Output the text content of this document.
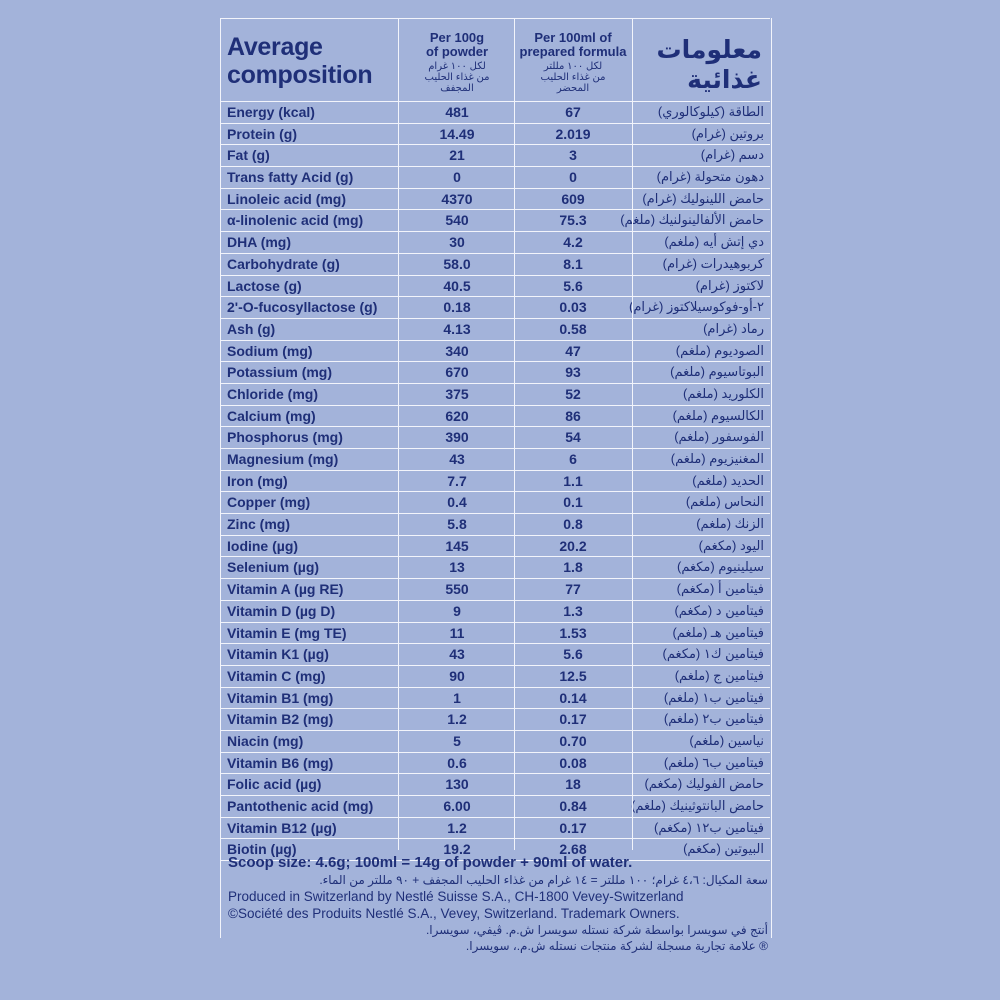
Average
composition
Per 100g
of powder
لكل ١٠٠ غرام
من غذاء الحليب
المجفف
Per 100ml of
prepared formula
لكل ١٠٠ مللتر
من غذاء الحليب
المحضر
معلومات
غذائية
Energy (kcal)	481	67	الطاقة (كيلوكالوري)
Protein (g)	14.49	2.019	بروتين (غرام)
Fat (g)	21	3	دسم (غرام)
Trans fatty Acid (g)	0	0	دهون متحولة (غرام)
Linoleic acid (mg)	4370	609	حامض اللينوليك (غرام)
α-linolenic acid (mg)	540	75.3	حامض الألفالينولنيك (ملغم)
DHA (mg)	30	4.2	دي إتش أيه (ملغم)
Carbohydrate (g)	58.0	8.1	كربوهيدرات (غرام)
Lactose (g)	40.5	5.6	لاكتوز (غرام)
2'-O-fucosyllactose (g)	0.18	0.03	٢-أو-فوكوسيلاكتوز (غرام)
Ash (g)	4.13	0.58	رماد (غرام)
Sodium (mg)	340	47	الصوديوم (ملغم)
Potassium (mg)	670	93	البوتاسيوم (ملغم)
Chloride (mg)	375	52	الكلوريد (ملغم)
Calcium (mg)	620	86	الكالسيوم (ملغم)
Phosphorus (mg)	390	54	الفوسفور (ملغم)
Magnesium (mg)	43	6	المغنيزيوم (ملغم)
Iron (mg)	7.7	1.1	الحديد (ملغم)
Copper (mg)	0.4	0.1	النحاس (ملغم)
Zinc (mg)	5.8	0.8	الزنك (ملغم)
Iodine (µg)	145	20.2	اليود (مكغم)
Selenium (µg)	13	1.8	سيلينيوم (مكغم)
Vitamin A (µg RE)	550	77	فيتامين أ (مكغم)
Vitamin D (µg D)	9	1.3	فيتامين د (مكغم)
Vitamin E (mg TE)	11	1.53	فيتامين هـ (ملغم)
Vitamin K1 (µg)	43	5.6	فيتامين ك١ (مكغم)
Vitamin C (mg)	90	12.5	فيتامين ج (ملغم)
Vitamin B1 (mg)	1	0.14	فيتامين ب١ (ملغم)
Vitamin B2 (mg)	1.2	0.17	فيتامين ب٢ (ملغم)
Niacin (mg)	5	0.70	نياسين (ملغم)
Vitamin B6 (mg)	0.6	0.08	فيتامين ب٦ (ملغم)
Folic acid (µg)	130	18	حامض الفوليك (مكغم)
Pantothenic acid (mg)	6.00	0.84	حامض البانتوثينيك (ملغم)
Vitamin B12 (µg)	1.2	0.17	فيتامين ب١٢ (مكغم)
Biotin (µg)	19.2	2.68	البيوتين (مكغم)
Scoop size: 4.6g; 100ml = 14g of powder + 90ml of water.
سعة المكيال: ٤،٦ غرام؛ ١٠٠ مللتر = ١٤ غرام من غذاء الحليب المجفف + ٩٠ مللتر من الماء.
Produced in Switzerland by Nestlé Suisse S.A., CH-1800 Vevey-Switzerland
©Société des Produits Nestlé S.A., Vevey, Switzerland. Trademark Owners.
أنتج في سويسرا بواسطة شركة نستله سويسرا ش.م. ڤيفي، سويسرا.
® علامة تجارية مسجلة لشركة منتجات نستله ش.م.، سويسرا.
